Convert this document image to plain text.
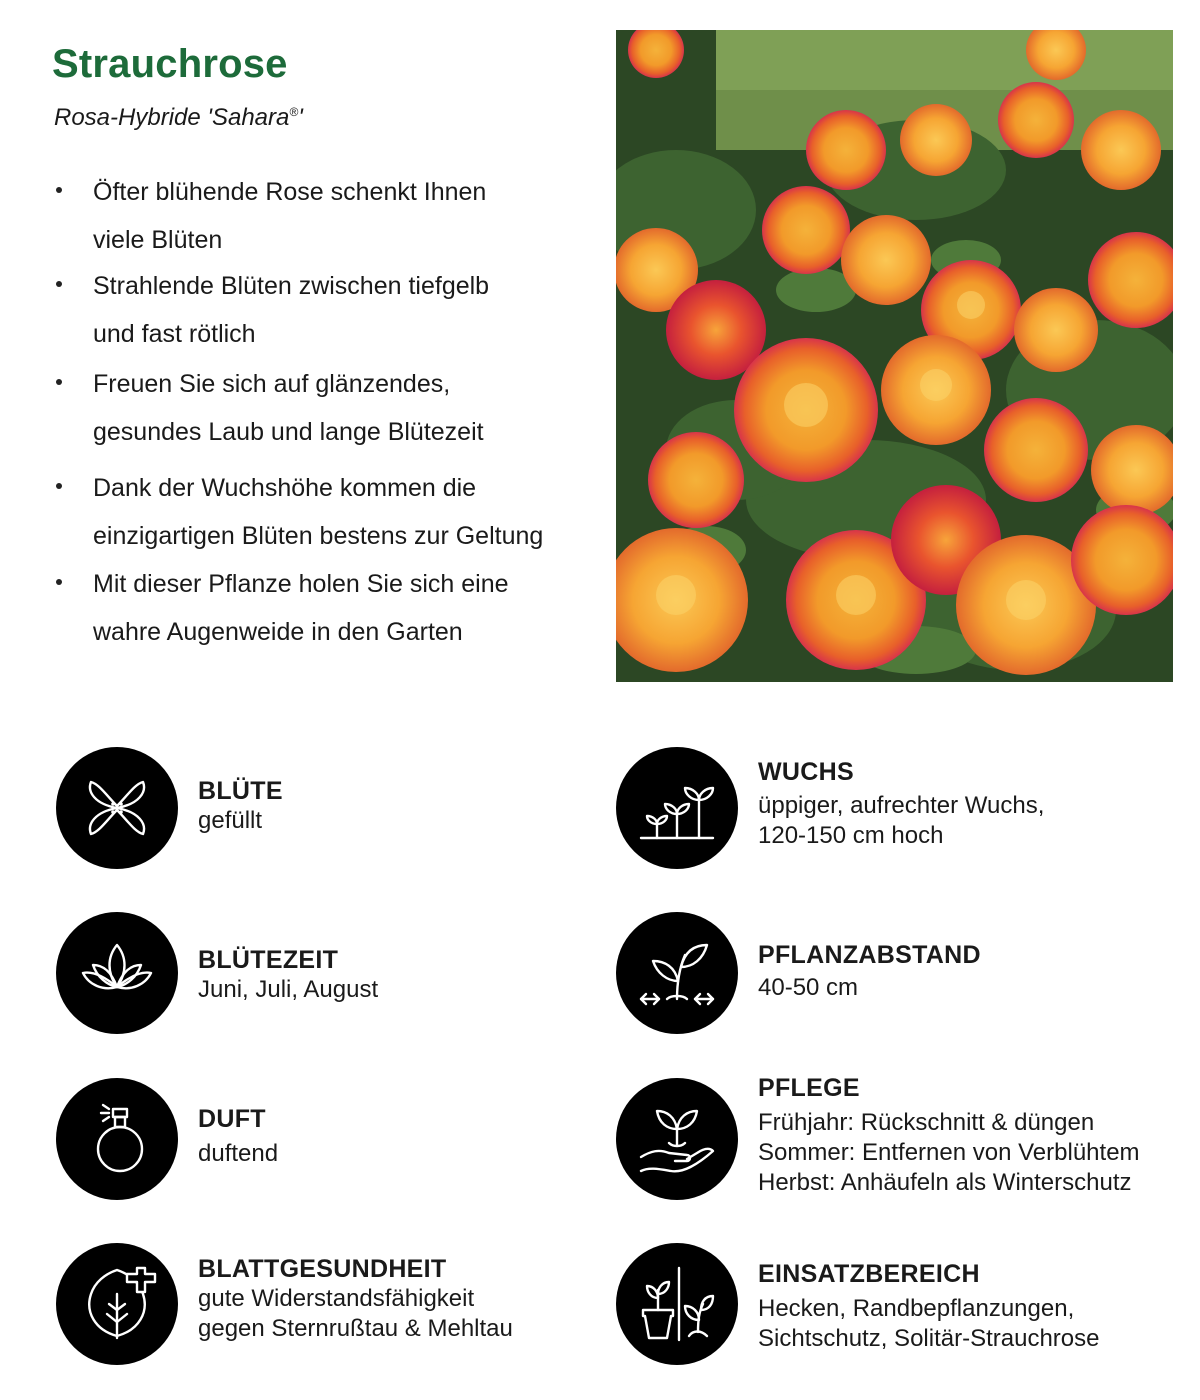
Strauchrose
Rosa-Hybride 'Sahara®'
Öfter blühende Rose schenkt Ihnen
viele Blüten
Strahlende Blüten zwischen tiefgelb
und fast rötlich
Freuen Sie sich auf glänzendes,
gesundes Laub und lange Blütezeit
Dank der Wuchshöhe kommen die
einzigartigen Blüten bestens zur Geltung
Mit dieser Pflanze holen Sie sich eine
wahre Augenweide in den Garten
BLÜTE
gefüllt
BLÜTEZEIT
Juni, Juli, August
DUFT
duftend
BLATTGESUNDHEIT
gute Widerstandsfähigkeit
gegen Sternrußtau & Mehltau
WUCHS
üppiger, aufrechter Wuchs,
120-150 cm hoch
PFLANZABSTAND
40-50 cm
PFLEGE
Frühjahr: Rückschnitt & düngen
Sommer: Entfernen von Verblühtem
Herbst: Anhäufeln als Winterschutz
EINSATZBEREICH
Hecken, Randbepflanzungen,
Sichtschutz, Solitär-Strauchrose
